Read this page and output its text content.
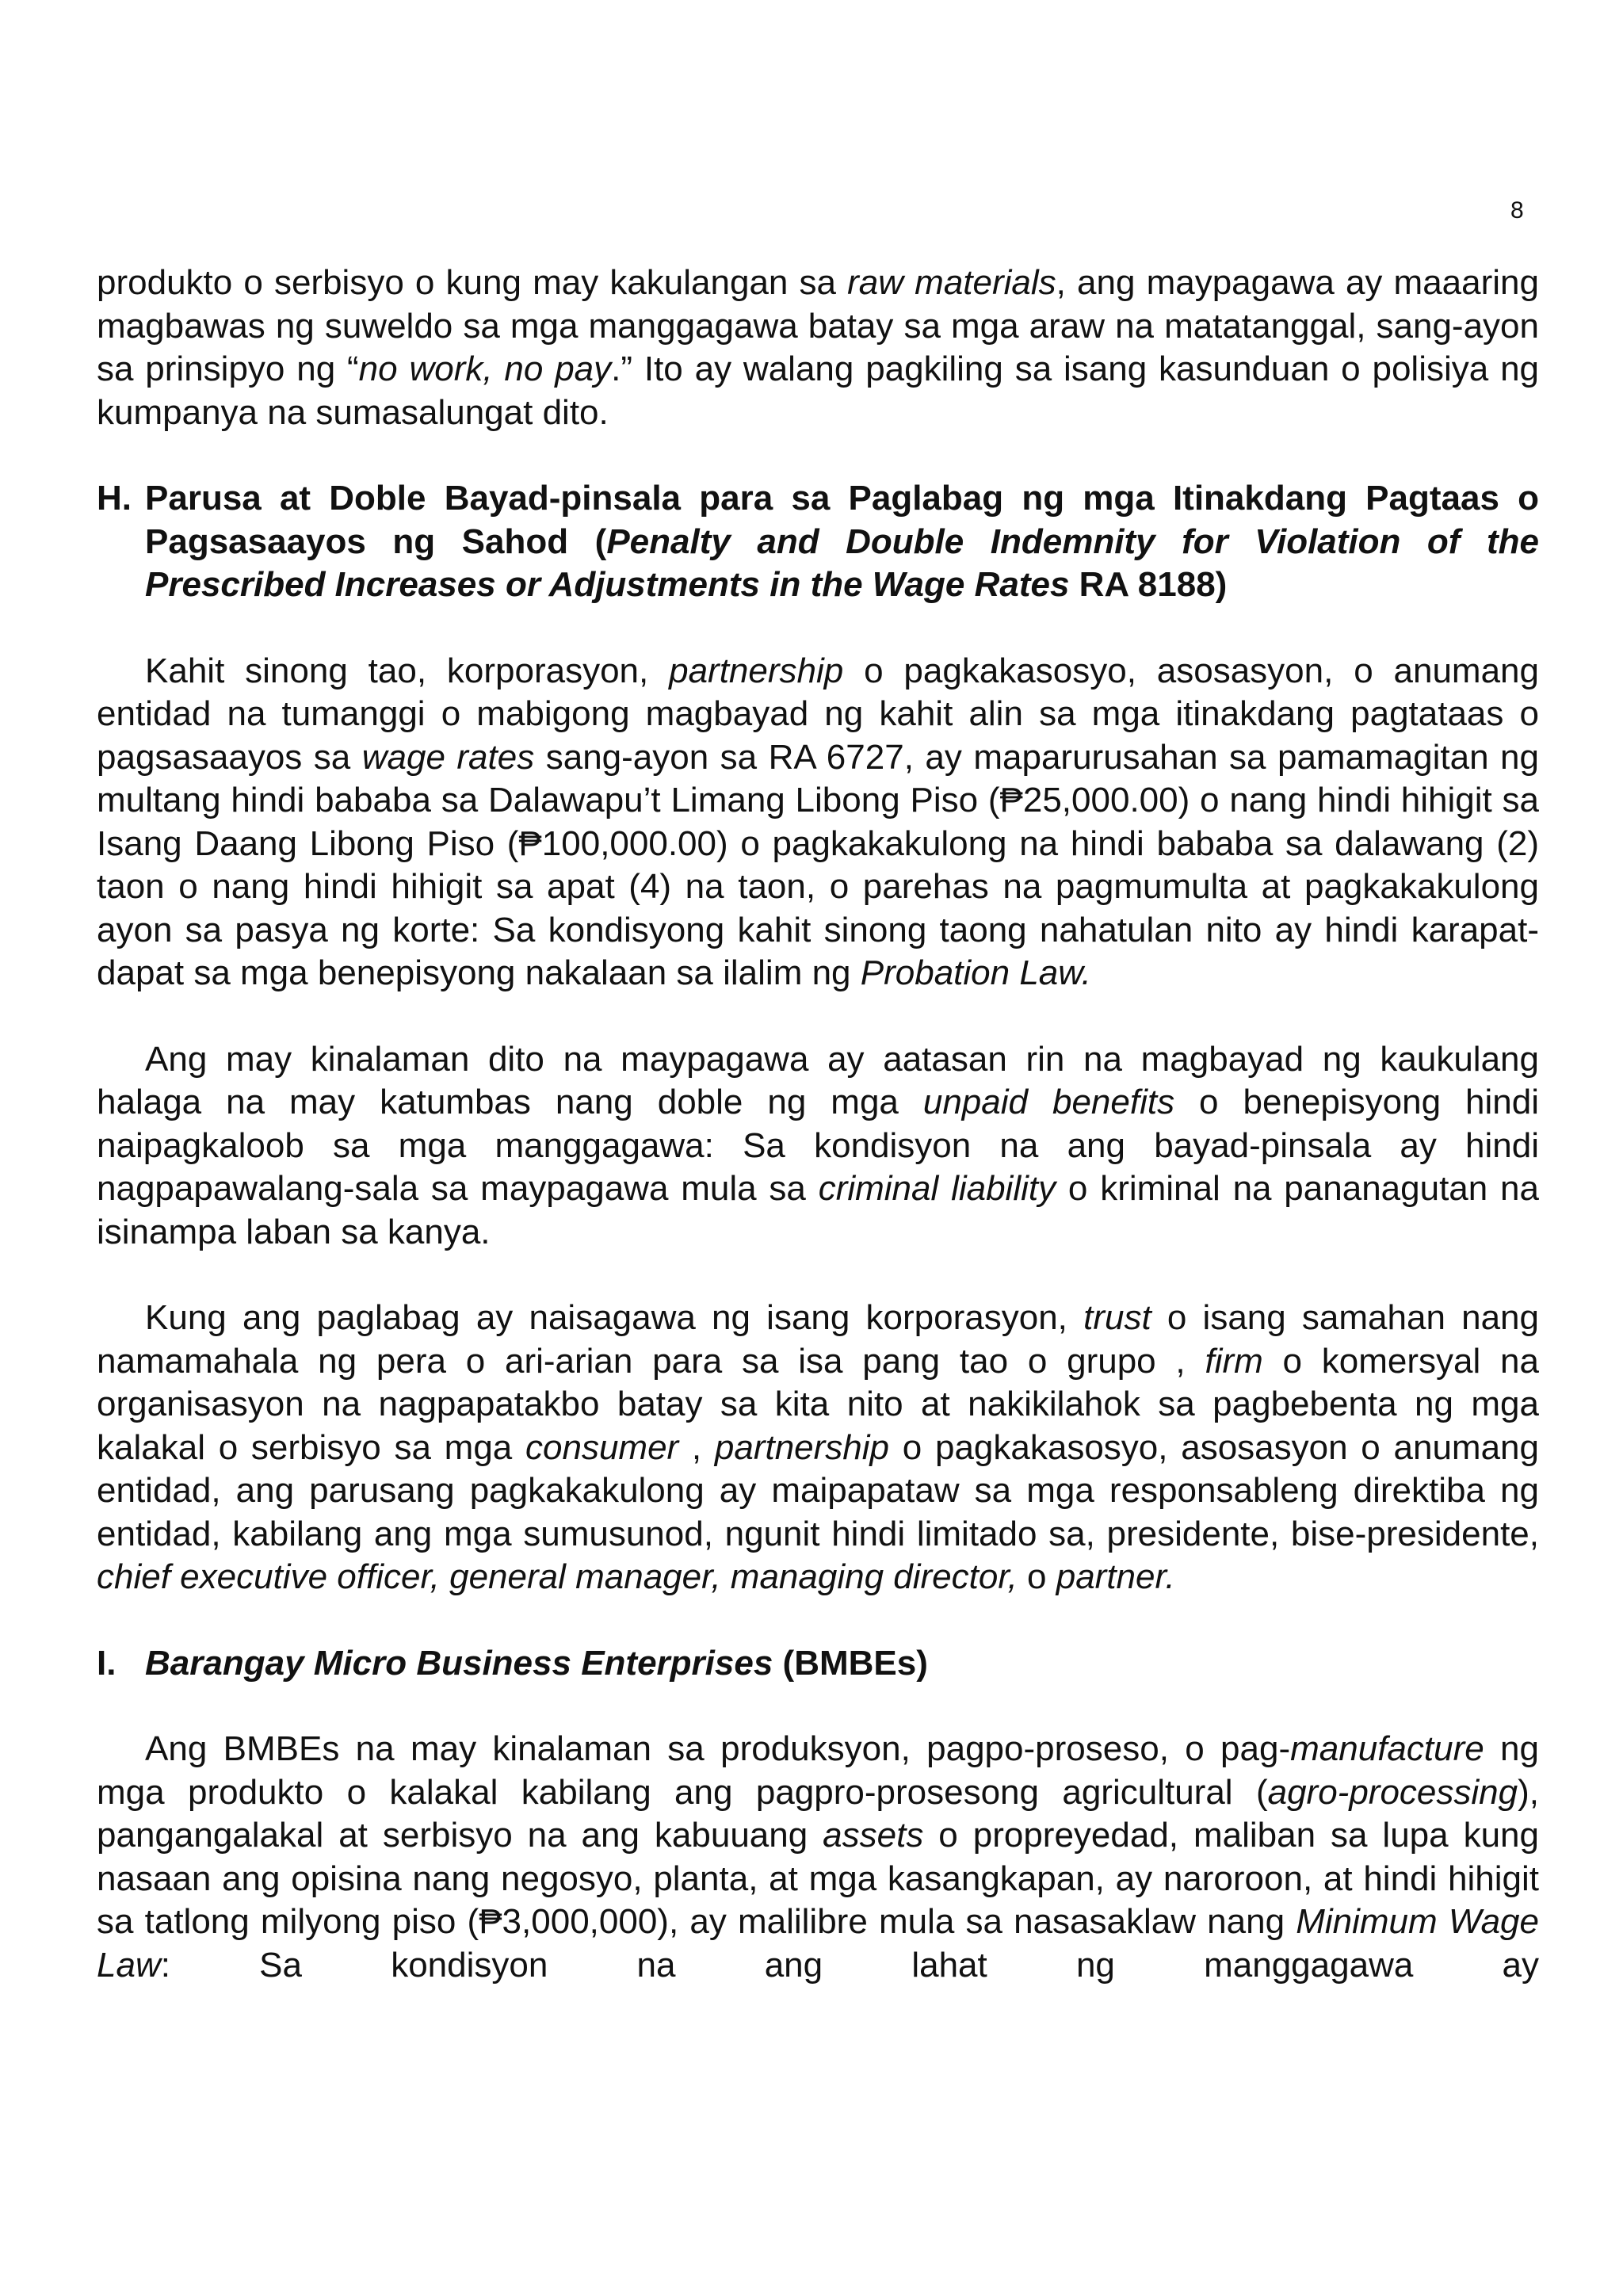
8

produkto o serbisyo o kung may kakulangan sa raw materials, ang maypagawa ay maaaring magbawas ng suweldo sa mga manggagawa batay sa mga araw na matatanggal, sang-ayon sa prinsipyo ng “no work, no pay.” Ito ay walang pagkiling sa isang kasunduan o polisiya ng kumpanya na sumasalungat dito.

H. Parusa at Doble Bayad-pinsala para sa Paglabag ng mga Itinakdang Pagtaas o Pagsasaayos ng Sahod (Penalty and Double Indemnity for Violation of the Prescribed Increases or Adjustments in the Wage Rates RA 8188)

Kahit sinong tao, korporasyon, partnership o pagkakasosyo, asosasyon, o anumang entidad na tumanggi o mabigong magbayad ng kahit alin sa mga itinakdang pagtataas o pagsasaayos sa wage rates sang-ayon sa RA 6727, ay maparurusahan sa pamamagitan ng multang hindi bababa sa Dalawapu’t Limang Libong Piso (₱25,000.00) o nang hindi hihigit sa Isang Daang Libong Piso (₱100,000.00) o pagkakakulong na hindi bababa sa dalawang (2) taon o nang hindi hihigit sa apat (4) na taon, o parehas na pagmumulta at pagkakakulong ayon sa pasya ng korte: Sa kondisyong kahit sinong taong nahatulan nito ay hindi karapat-dapat sa mga benepisyong nakalaan sa ilalim ng Probation Law.

Ang may kinalaman dito na maypagawa ay aatasan rin na magbayad ng kaukulang halaga na may katumbas nang doble ng mga unpaid benefits o benepisyong hindi naipagkaloob sa mga manggagawa: Sa kondisyon na ang bayad-pinsala ay hindi nagpapawalang-sala sa maypagawa mula sa criminal liability o kriminal na pananagutan na isinampa laban sa kanya.

Kung ang paglabag ay naisagawa ng isang korporasyon, trust o isang samahan nang namamahala ng pera o ari-arian para sa isa pang tao o grupo , firm o komersyal na organisasyon na nagpapatakbo batay sa kita nito at nakikilahok sa pagbebenta ng mga kalakal o serbisyo sa mga consumer , partnership o pagkakasosyo, asosasyon o anumang entidad, ang parusang pagkakakulong ay maipapataw sa mga responsableng direktiba ng entidad, kabilang ang mga sumusunod, ngunit hindi limitado sa, presidente, bise-presidente, chief executive officer, general manager, managing director, o partner.

I. Barangay Micro Business Enterprises (BMBEs)

Ang BMBEs na may kinalaman sa produksyon, pagpo-proseso, o pag-manufacture ng mga produkto o kalakal kabilang ang pagpro-prosesong agricultural (agro-processing), pangangalakal at serbisyo na ang kabuuang assets o propreyedad, maliban sa lupa kung nasaan ang opisina nang negosyo, planta, at mga kasangkapan, ay naroroon, at hindi hihigit sa tatlong milyong piso (₱3,000,000), ay malilibre mula sa nasasaklaw nang Minimum Wage Law: Sa kondisyon na ang lahat ng manggagawa ay
